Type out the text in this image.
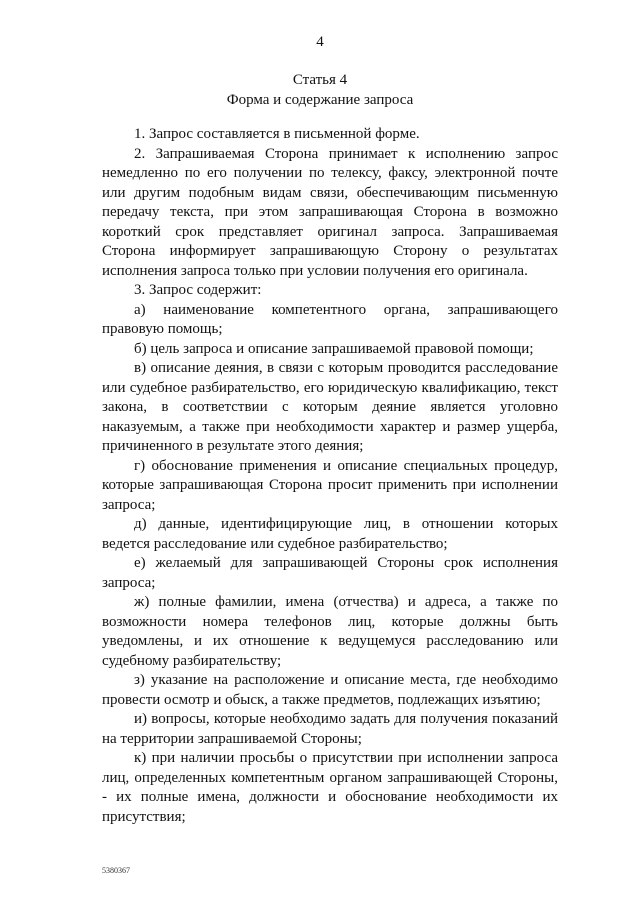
4
Статья 4
Форма и содержание запроса

1. Запрос составляется в письменной форме.

2. Запрашиваемая Сторона принимает к исполнению запрос немедленно по его получении по телексу, факсу, электронной почте или другим подобным видам связи, обеспечивающим письменную передачу текста, при этом запрашивающая Сторона в возможно короткий срок представляет оригинал запроса. Запрашиваемая Сторона информирует запрашивающую Сторону о результатах исполнения запроса только при условии получения его оригинала.

3. Запрос содержит:

а) наименование компетентного органа, запрашивающего правовую помощь;

б) цель запроса и описание запрашиваемой правовой помощи;

в) описание деяния, в связи с которым проводится расследование или судебное разбирательство, его юридическую квалификацию, текст закона, в соответствии с которым деяние является уголовно наказуемым, а также при необходимости характер и размер ущерба, причиненного в результате этого деяния;

г) обоснование применения и описание специальных процедур, которые запрашивающая Сторона просит применить при исполнении запроса;

д) данные, идентифицирующие лиц, в отношении которых ведется расследование или судебное разбирательство;

е) желаемый для запрашивающей Стороны срок исполнения запроса;

ж) полные фамилии, имена (отчества) и адреса, а также по возможности номера телефонов лиц, которые должны быть уведомлены, и их отношение к ведущемуся расследованию или судебному разбирательству;

з) указание на расположение и описание места, где необходимо провести осмотр и обыск, а также предметов, подлежащих изъятию;

и) вопросы, которые необходимо задать для получения показаний на территории запрашиваемой Стороны;

к) при наличии просьбы о присутствии при исполнении запроса лиц, определенных компетентным органом запрашивающей Стороны, - их полные имена, должности и обоснование необходимости их присутствия;

5380367
